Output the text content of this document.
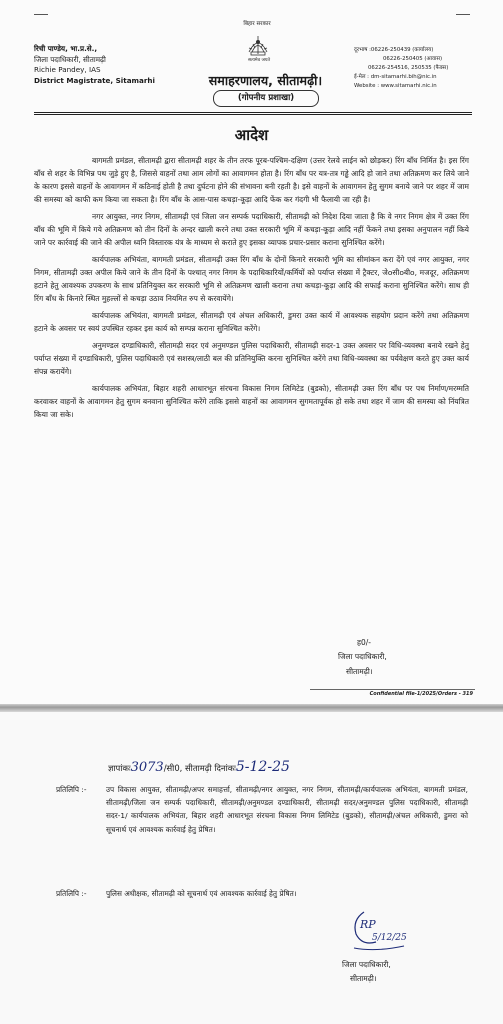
रिची पाण्डेय, भा.प्र.से.,
जिला पदाधिकारी, सीतामढ़ी
Richie Pandey, IAS
District Magistrate, Sitamarhi
बिहार सरकार
सत्यमेव जयते
समाहरणालय, सीतामढ़ी।
(गोपनीय प्रशाखा)
दूरभाष :06226-250439 (कार्यालय)
06226-250405 (आवास)
06226-254516, 250535 (फैक्स)
ई-मेल : dm-sitamarhi.bih@nic.in
Website : www.sitamarhi.nic.in
आदेश

बागमती प्रमंडल, सीतामढ़ी द्वारा सीतामढ़ी शहर के तीन तरफ पूरब-पश्चिम-दक्षिण (उत्तर रेलवे लाईन को छोड़कर) रिंग बाँध निर्मित है। इस रिंग बाँध से शहर के विभिन्न पथ जुड़े हुए है, जिससे वाहनों तथा आम लोगों का आवागमन होता है। रिंग बाँध पर यत्र-तत्र गड्ढे आदि हो जाने तथा अतिक्रमण कर लिये जाने के कारण इससे वाहनों के आवागमन में कठिनाई होती है तथा दुर्घटना होने की संभावना बनी रहती है। इसे वाहनों के आवागमन हेतु सुगम बनाये जाने पर शहर में जाम की समस्या को काफी कम किया जा सकता है। रिंग बाँध के आस-पास कचड़ा-कूड़ा आदि फेंक कर गंदगी भी फैलायी जा रही है।

नगर आयुक्त, नगर निगम, सीतामढ़ी एवं जिला जन सम्पर्क पदाधिकारी, सीतामढ़ी को निदेश दिया जाता है कि वे नगर निगम क्षेत्र में उक्त रिंग बाँध की भूमि में किये गये अतिक्रमण को तीन दिनों के अन्दर खाली करने तथा उक्त सरकारी भूमि में कचड़ा-कूड़ा आदि नहीं फेंकने तथा इसका अनुपालन नहीं किये जाने पर कार्रवाई की जाने की अपील ध्वनि विस्तारक यंत्र के माध्यम से कराते हुए इसका व्यापक प्रचार-प्रसार कराना सुनिश्चित करेंगे।

कार्यपालक अभियंता, बागमती प्रमंडल, सीतामढ़ी उक्त रिंग बाँध के दोनों किनारे सरकारी भूमि का सीमांकन करा देंगे एवं नगर आयुक्त, नगर निगम, सीतामढ़ी उक्त अपील किये जाने के तीन दिनों के पश्चात् नगर निगम के पदाधिकारियों/कर्मियों को पर्याप्त संख्या में ट्रैक्टर, जेoसीoबीo, मजदूर, अतिक्रमण हटाने हेतु आवश्यक उपकरण के साथ प्रतिनियुक्त कर सरकारी भूमि से अतिक्रमण खाली कराना तथा कचड़ा-कूड़ा आदि की सफाई कराना सुनिश्चित करेंगे। साथ ही रिंग बाँध के किनारे स्थित मुहल्लों से कचड़ा उठाव नियमित रुप से करवायेंगे।

कार्यपालक अभियंता, बागमती प्रमंडल, सीतामढ़ी एवं अंचल अधिकारी, डुमरा उक्त कार्य में आवश्यक सहयोग प्रदान करेंगे तथा अतिक्रमण हटाने के अवसर पर स्वयं उपस्थित रहकर इस कार्य को सम्पन्न कराना सुनिश्चित करेंगे।

अनुमण्डल दण्डाधिकारी, सीतामढ़ी सदर एवं अनुमण्डल पुलिस पदाधिकारी, सीतामढ़ी सदर-1 उक्त अवसर पर विधि-व्यवस्था बनाये रखने हेतु पर्याप्त संख्या में दण्डाधिकारी, पुलिस पदाधिकारी एवं सशस्त्र/लाठी बल की प्रतिनियुक्ति करना सुनिश्चित करेंगे तथा विधि-व्यवस्था का पर्यवेक्षण करते हुए उक्त कार्य संपन्न करायेंगे।

कार्यपालक अभियंता, बिहार शहरी आधारभूत संरचना विकास निगम लिमिटेड (बुडको), सीतामढ़ी उक्त रिंग बाँध पर पथ निर्माण/मरम्मति करवाकर वाहनों के आवागमन हेतु सुगम बनवाना सुनिश्चित करेंगे ताकि इससे वाहनों का आवागमन सुगमतापूर्वक हो सके तथा शहर में जाम की समस्या को निंयत्रित किया जा सके।

ह0/-
जिला पदाधिकारी,
सीतामढ़ी।
Confidential file-1/2025/Orders - 319
ज्ञापांकः3073/सी0, सीतामढ़ी दिनांकः5-12-25
प्रतिलिपि :-	उप विकास आयुक्त, सीतामढ़ी/अपर समाहर्त्ता, सीतामढ़ी/नगर आयुक्त, नगर निगम, सीतामढ़ी/कार्यपालक अभियंता, बागमती प्रमंडल, सीतामढ़ी/जिला जन सम्पर्क पदाधिकारी, सीतामढ़ी/अनुमण्डल दण्डाधिकारी, सीतामढ़ी सदर/अनुमण्डल पुलिस पदाधिकारी, सीतामढ़ी सदर-1/ कार्यपालक अभियंता, बिहार शहरी आधारभूत संरचना विकास निगम लिमिटेड (बुडको), सीतामढ़ी/अंचल अधिकारी, डुमरा को सूचनार्थ एवं आवश्यक कार्रवाई हेतु प्रेषित।
प्रतिलिपि :-	पुलिस अधीक्षक, सीतामढ़ी को सूचनार्थ एवं आवश्यक कार्रवाई हेतु प्रेषित।
RP
5/12/25
जिला पदाधिकारी,
सीतामढ़ी।
